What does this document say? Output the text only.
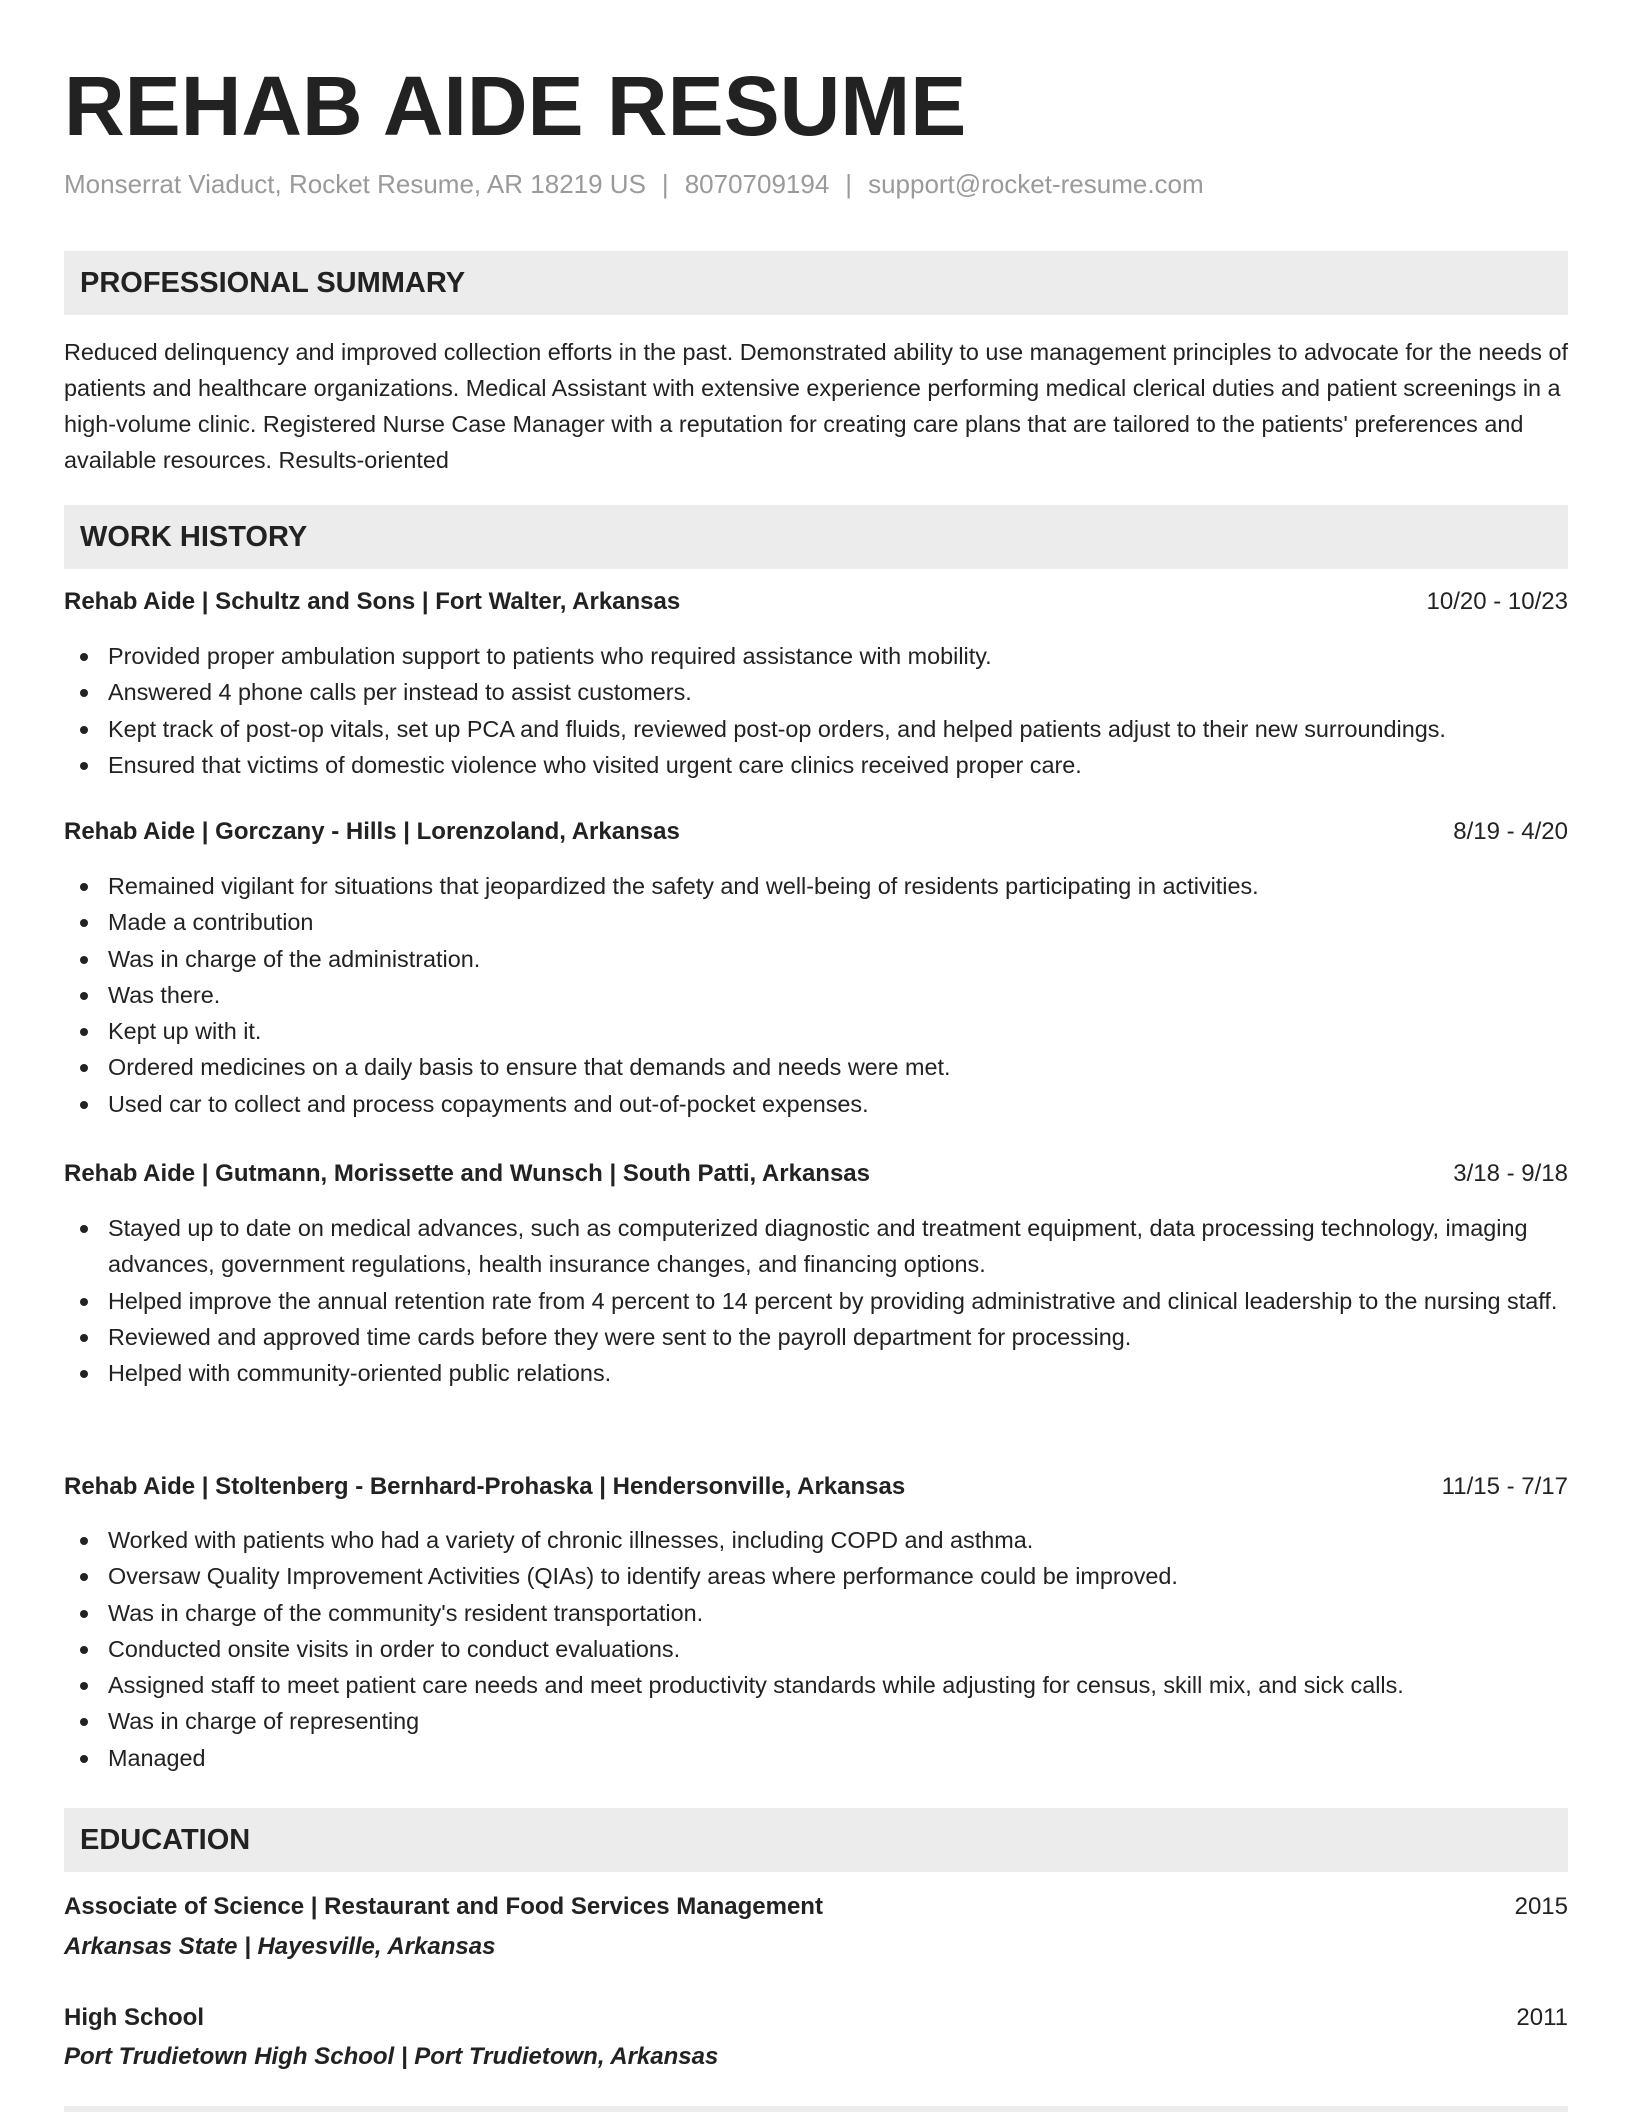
REHAB AIDE RESUME
Monserrat Viaduct, Rocket Resume, AR 18219 US | 8070709194 | support@rocket-resume.com
PROFESSIONAL SUMMARY

Reduced delinquency and improved collection efforts in the past. Demonstrated ability to use management principles to advocate for the needs of patients and healthcare organizations. Medical Assistant with extensive experience performing medical clerical duties and patient screenings in a high-volume clinic. Registered Nurse Case Manager with a reputation for creating care plans that are tailored to the patients' preferences and available resources. Results-oriented

WORK HISTORY
Rehab Aide | Schultz and Sons | Fort Walter, Arkansas	10/20 - 10/23
Provided proper ambulation support to patients who required assistance with mobility.
Answered 4 phone calls per instead to assist customers.
Kept track of post-op vitals, set up PCA and fluids, reviewed post-op orders, and helped patients adjust to their new surroundings.
Ensured that victims of domestic violence who visited urgent care clinics received proper care.
Rehab Aide | Gorczany - Hills | Lorenzoland, Arkansas	8/19 - 4/20
Remained vigilant for situations that jeopardized the safety and well-being of residents participating in activities.
Made a contribution
Was in charge of the administration.
Was there.
Kept up with it.
Ordered medicines on a daily basis to ensure that demands and needs were met.
Used car to collect and process copayments and out-of-pocket expenses.
Rehab Aide | Gutmann, Morissette and Wunsch | South Patti, Arkansas	3/18 - 9/18
Stayed up to date on medical advances, such as computerized diagnostic and treatment equipment, data processing technology, imaging advances, government regulations, health insurance changes, and financing options.
Helped improve the annual retention rate from 4 percent to 14 percent by providing administrative and clinical leadership to the nursing staff.
Reviewed and approved time cards before they were sent to the payroll department for processing.
Helped with community-oriented public relations.
Rehab Aide | Stoltenberg - Bernhard-Prohaska | Hendersonville, Arkansas	11/15 - 7/17
Worked with patients who had a variety of chronic illnesses, including COPD and asthma.
Oversaw Quality Improvement Activities (QIAs) to identify areas where performance could be improved.
Was in charge of the community's resident transportation.
Conducted onsite visits in order to conduct evaluations.
Assigned staff to meet patient care needs and meet productivity standards while adjusting for census, skill mix, and sick calls.
Was in charge of representing
Managed
EDUCATION
Associate of Science | Restaurant and Food Services Management	2015
Arkansas State | Hayesville, Arkansas
High School	2011
Port Trudietown High School | Port Trudietown, Arkansas
